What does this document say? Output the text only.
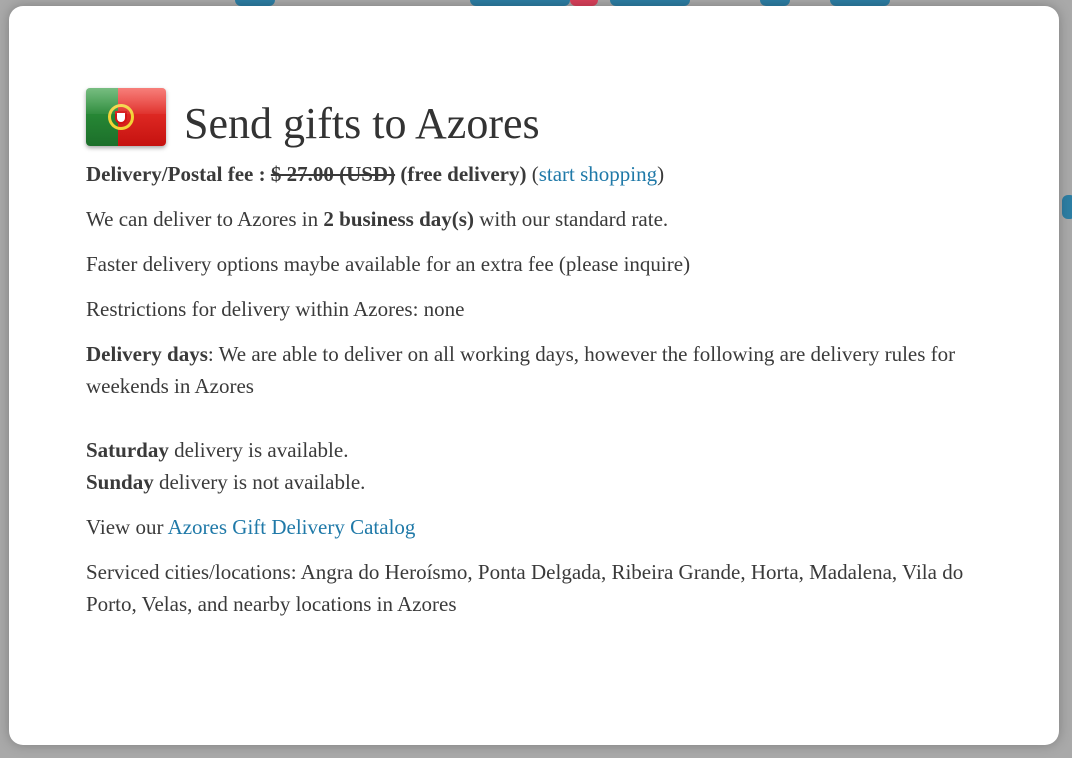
Send gifts to Azores

Delivery/Postal fee : $ 27.00 (USD) (free delivery) (start shopping)

We can deliver to Azores in 2 business day(s) with our standard rate.

Faster delivery options maybe available for an extra fee (please inquire)

Restrictions for delivery within Azores: none

Delivery days: We are able to deliver on all working days, however the following are delivery rules for weekends in Azores

Saturday delivery is available.

Sunday delivery is not available.

View our Azores Gift Delivery Catalog

Serviced cities/locations: Angra do Heroísmo, Ponta Delgada, Ribeira Grande, Horta, Madalena, Vila do Porto, Velas, and nearby locations in Azores
